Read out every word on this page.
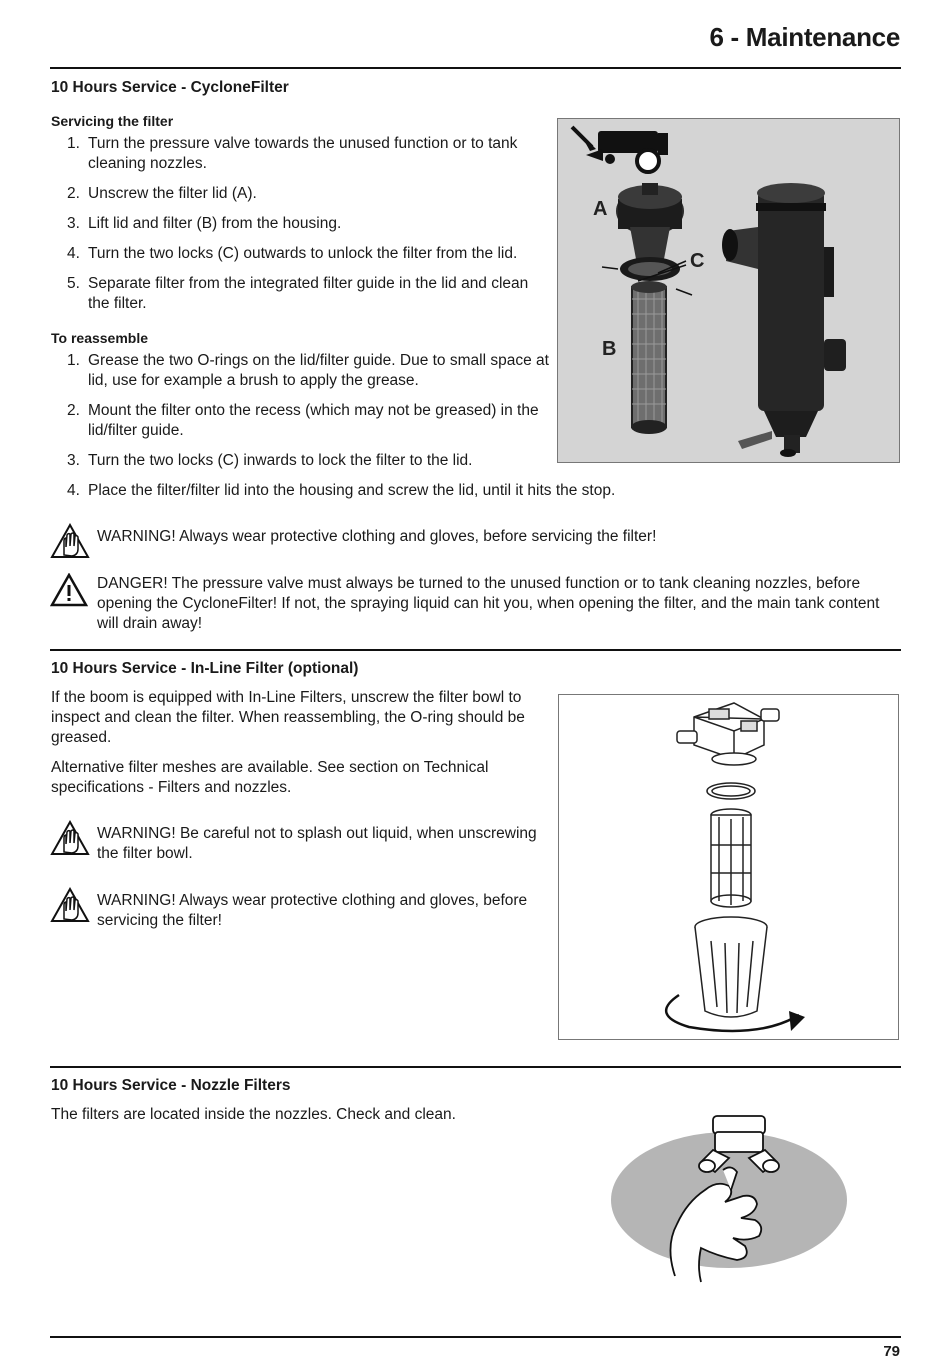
6 - Maintenance
10 Hours Service - CycloneFilter
Servicing the filter
1. Turn the pressure valve towards the unused function or to tank cleaning nozzles.
2. Unscrew the filter lid (A).
3. Lift lid and filter (B) from the housing.
4. Turn the two locks (C) outwards to unlock the filter from the lid.
5. Separate filter from the integrated filter guide in the lid and clean the filter.
To reassemble
1. Grease the two O-rings on the lid/filter guide. Due to small space at lid, use for example a brush to apply the grease.
2. Mount the filter onto the recess (which may not be greased) in the lid/filter guide.
3. Turn the two locks (C) inwards to lock the filter to the lid.
4. Place the filter/filter lid into the housing and screw the lid, until it hits the stop.
A
B
C
WARNING! Always wear protective clothing and gloves, before servicing the filter!
DANGER! The pressure valve must always be turned to the unused function or to tank cleaning nozzles, before opening the CycloneFilter! If not, the spraying liquid can hit you, when opening the filter, and the main tank content will drain away!
10 Hours Service - In-Line Filter (optional)
If the boom is equipped with In-Line Filters, unscrew the filter bowl to inspect and clean the filter. When reassembling, the O-ring should be greased.
Alternative filter meshes are available. See section on Technical specifications - Filters and nozzles.
WARNING! Be careful not to splash out liquid, when unscrewing the filter bowl.
WARNING! Always wear protective clothing and gloves, before servicing the filter!
10 Hours Service - Nozzle Filters
The filters are located inside the nozzles. Check and clean.
79
